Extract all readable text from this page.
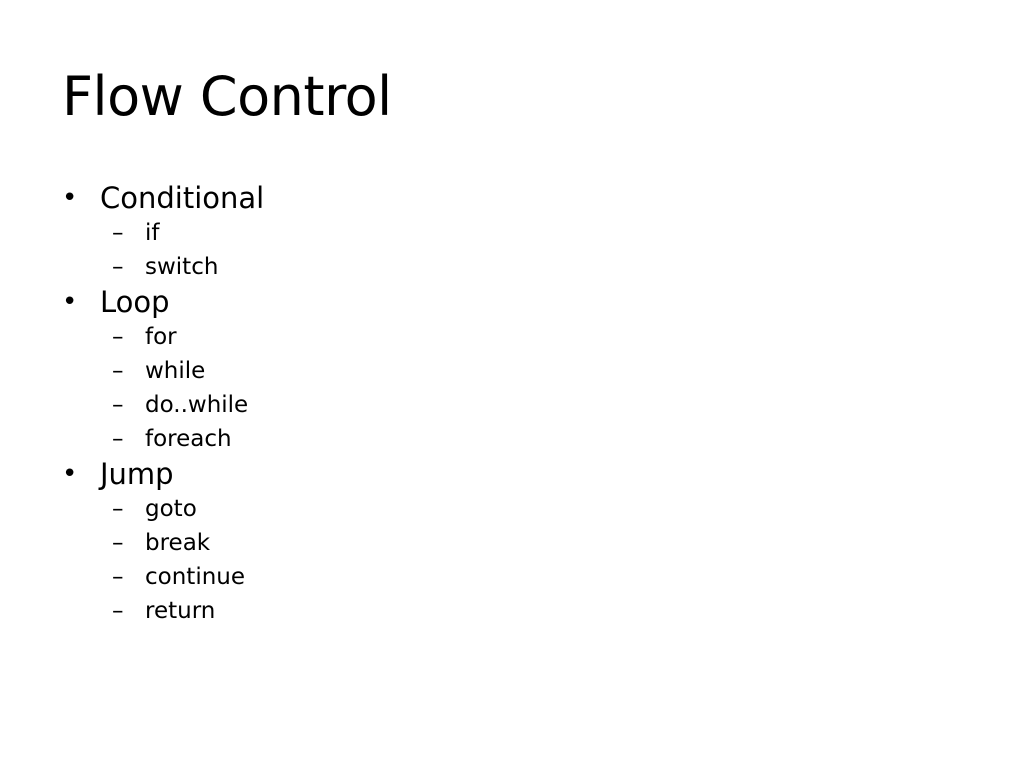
Flow Control
• Conditional
– if
– switch
• Loop
– for
– while
– do..while
– foreach
• Jump
– goto
– break
– continue
– return
